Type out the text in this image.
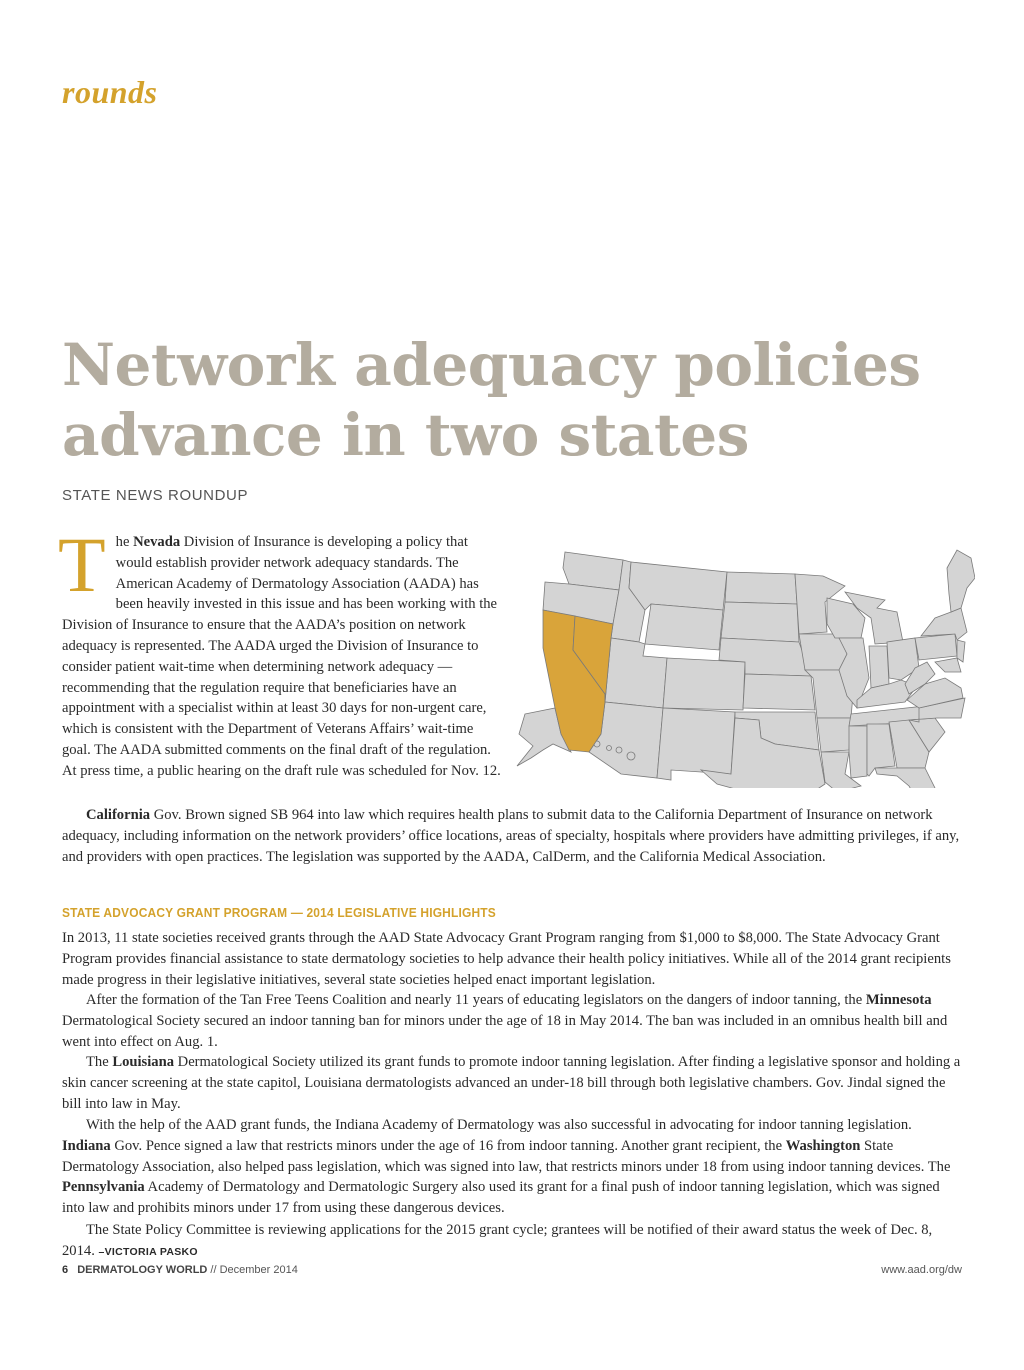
rounds
Network adequacy policies
advance in two states
STATE NEWS ROUNDUP

The Nevada Division of Insurance is developing a policy that would establish provider network adequacy standards. The American Academy of Dermatology Association (AADA) has been heavily invested in this issue and has been working with the Division of Insurance to ensure that the AADA’s position on network adequacy is represented. The AADA urged the Division of Insurance to consider patient wait-time when determining network adequacy — recommending that the regulation require that beneficiaries have an appointment with a specialist within at least 30 days for non-urgent care, which is consistent with the Department of Veterans Affairs’ wait-time goal. The AADA submitted comments on the final draft of the regulation. At press time, a public hearing on the draft rule was scheduled for Nov. 12.

California Gov. Brown signed SB 964 into law which requires health plans to submit data to the California Department of Insurance on network adequacy, including information on the network providers’ office locations, areas of specialty, hospitals where providers have admitting privileges, if any, and providers with open practices. The legislation was supported by the AADA, CalDerm, and the California Medical Association.

STATE ADVOCACY GRANT PROGRAM — 2014 LEGISLATIVE HIGHLIGHTS

In 2013, 11 state societies received grants through the AAD State Advocacy Grant Program ranging from $1,000 to $8,000. The State Advocacy Grant Program provides financial assistance to state dermatology societies to help advance their health policy initiatives. While all of the 2014 grant recipients made progress in their legislative initiatives, several state societies helped enact important legislation.

After the formation of the Tan Free Teens Coalition and nearly 11 years of educating legislators on the dangers of indoor tanning, the Minnesota Dermatological Society secured an indoor tanning ban for minors under the age of 18 in May 2014. The ban was included in an omnibus health bill and went into effect on Aug. 1.

The Louisiana Dermatological Society utilized its grant funds to promote indoor tanning legislation. After finding a legislative sponsor and holding a skin cancer screening at the state capitol, Louisiana dermatologists advanced an under-18 bill through both legislative chambers. Gov. Jindal signed the bill into law in May.

With the help of the AAD grant funds, the Indiana Academy of Dermatology was also successful in advocating for indoor tanning legislation. Indiana Gov. Pence signed a law that restricts minors under the age of 16 from indoor tanning. Another grant recipient, the Washington State Dermatology Association, also helped pass legislation, which was signed into law, that restricts minors under 18 from using indoor tanning devices. The Pennsylvania Academy of Dermatology and Dermatologic Surgery also used its grant for a final push of indoor tanning legislation, which was signed into law and prohibits minors under 17 from using these dangerous devices.

The State Policy Committee is reviewing applications for the 2015 grant cycle; grantees will be notified of their award status the week of Dec. 8, 2014. –VICTORIA PASKO

6 DERMATOLOGY WORLD // December 2014	www.aad.org/dw
